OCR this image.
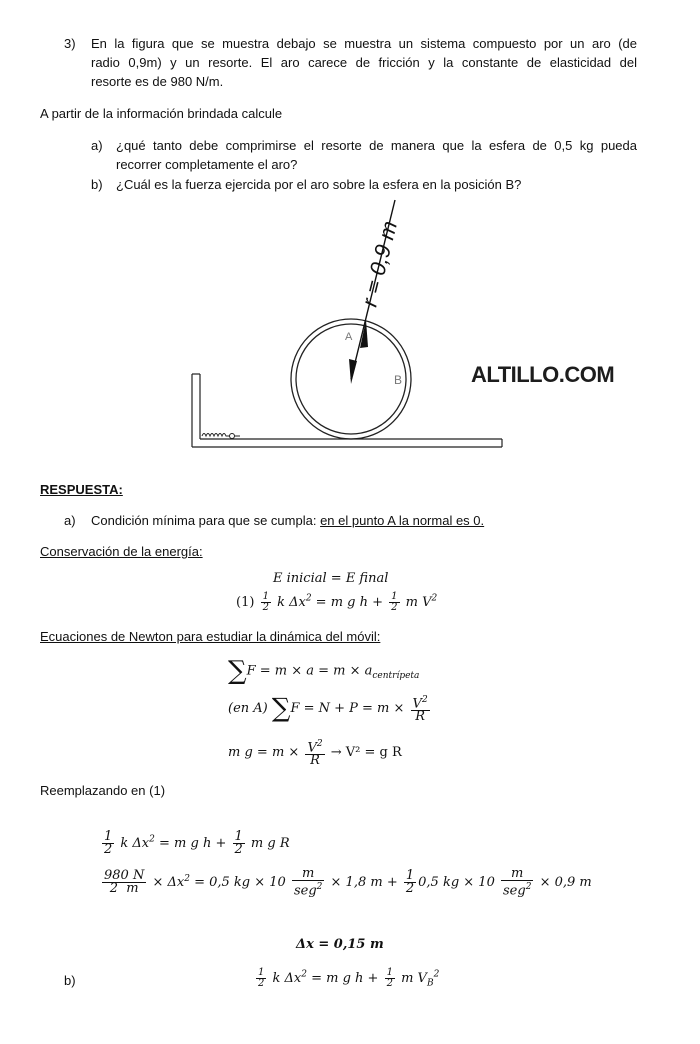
3) En la figura que se muestra debajo se muestra un sistema compuesto por un aro (de
radio 0,9m) y un resorte. El aro carece de fricción y la constante de elasticidad del
resorte es de 980 N/m.
A partir de la información brindada calcule
a) ¿qué tanto debe comprimirse el resorte de manera que la esfera de 0,5 kg pueda
recorrer completamente el aro?
b) ¿Cuál es la fuerza ejercida por el aro sobre la esfera en la posición B?
r = 0,9 m
A
B	ALTILLO.COM
RESPUESTA:
a) Condición mínima para que se cumpla: en el punto A la normal es 0.
Conservación de la energía:
E inicial = E final
$(1) \frac{1}{2}$ k $\Delta x^2 = m$ g $h + \frac{1}{2}$ m $V^2$
Ecuaciones de Newton para estudiar la dinámica del móvil:
$\sum F = m \times a = m \times a_{centrípeta}$
(en A) $\sum F = N + P = m \times \frac{V^2}{R}$
m $g = m \times \frac{V^2}{R} \to V^2 = g$ R
Reemplazando en (1)
$\frac{1}{2}$ k $\Delta x^2 = m$ g $h + \frac{1}{2}$ m g R
$\frac{980 N}{2 m} \times \Delta x^2 = 0,5$ kg × $10 \frac{m}{seg^2} \times 1,8$ $m + \frac{1}{2} 0,5$ kg × $10 \frac{m}{seg^2} \times 0,9$ m
Δx = 0,15 m
b)	$\frac{1}{2}$ k $\Delta x^2 = m$ g $h + \frac{1}{2}$ m $V_B^2$
